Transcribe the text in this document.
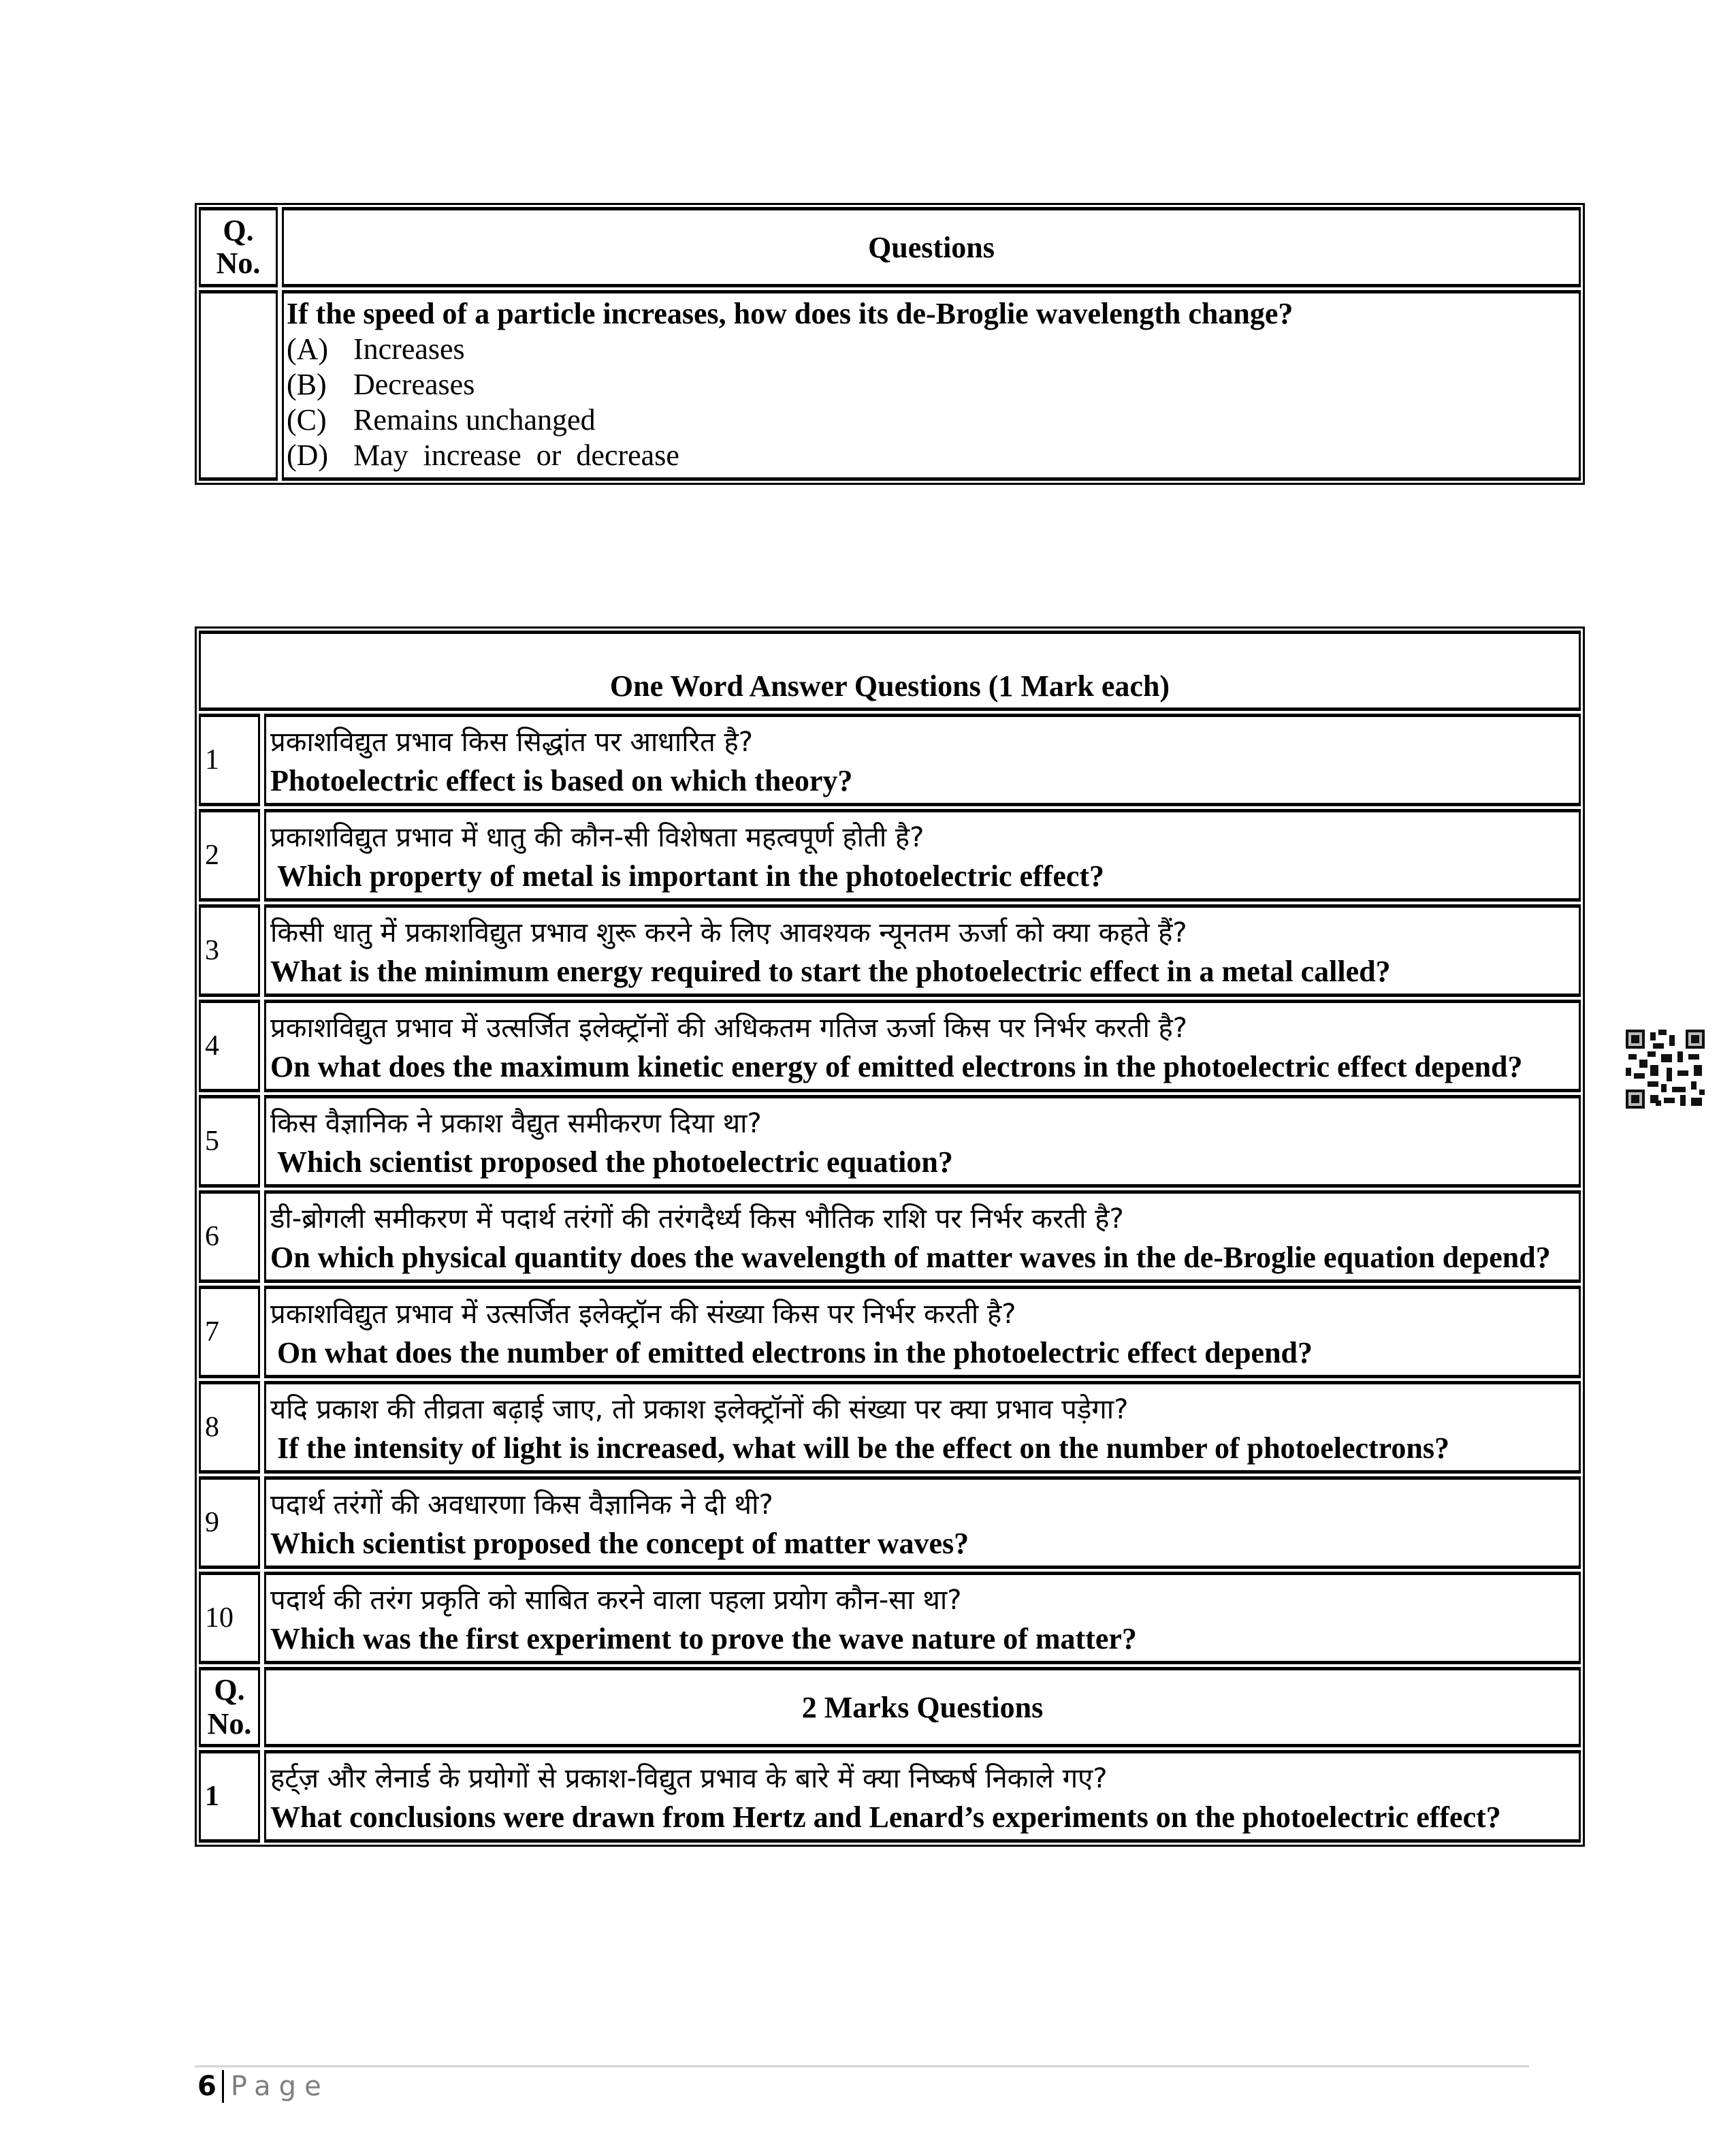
Q.
No.	Questions
If the speed of a particle increases, how does its de-Broglie wavelength change?
(A) Increases
(B) Decreases
(C) Remains unchanged
(D) May  increase  or  decrease
One Word Answer Questions (1 Mark each)
1
प्रकाशविद्युत प्रभाव किस सिद्धांत पर आधारित है?
Photoelectric effect is based on which theory?
2
प्रकाशविद्युत प्रभाव में धातु की कौन-सी विशेषता महत्वपूर्ण होती है?
Which property of metal is important in the photoelectric effect?
3
किसी धातु में प्रकाशविद्युत प्रभाव शुरू करने के लिए आवश्यक न्यूनतम ऊर्जा को क्या कहते हैं?
What is the minimum energy required to start the photoelectric effect in a metal called?
4
प्रकाशविद्युत प्रभाव में उत्सर्जित इलेक्ट्रॉनों की अधिकतम गतिज ऊर्जा किस पर निर्भर करती है?
On what does the maximum kinetic energy of emitted electrons in the photoelectric effect depend?
5
किस वैज्ञानिक ने प्रकाश वैद्युत समीकरण दिया था?
Which scientist proposed the photoelectric equation?
6
डी-ब्रोगली समीकरण में पदार्थ तरंगों की तरंगदैर्ध्य किस भौतिक राशि पर निर्भर करती है?
On which physical quantity does the wavelength of matter waves in the de-Broglie equation depend?
7
प्रकाशविद्युत प्रभाव में उत्सर्जित इलेक्ट्रॉन की संख्या किस पर निर्भर करती है?
On what does the number of emitted electrons in the photoelectric effect depend?
8
यदि प्रकाश की तीव्रता बढ़ाई जाए, तो प्रकाश इलेक्ट्रॉनों की संख्या पर क्या प्रभाव पड़ेगा?
If the intensity of light is increased, what will be the effect on the number of photoelectrons?
9
पदार्थ तरंगों की अवधारणा किस वैज्ञानिक ने दी थी?
Which scientist proposed the concept of matter waves?
10
पदार्थ की तरंग प्रकृति को साबित करने वाला पहला प्रयोग कौन-सा था?
Which was the first experiment to prove the wave nature of matter?
Q.
No.	2 Marks Questions
1
हर्ट्ज़ और लेनार्ड के प्रयोगों से प्रकाश-विद्युत प्रभाव के बारे में क्या निष्कर्ष निकाले गए?
What conclusions were drawn from Hertz and Lenard’s experiments on the photoelectric effect?
6 Page
